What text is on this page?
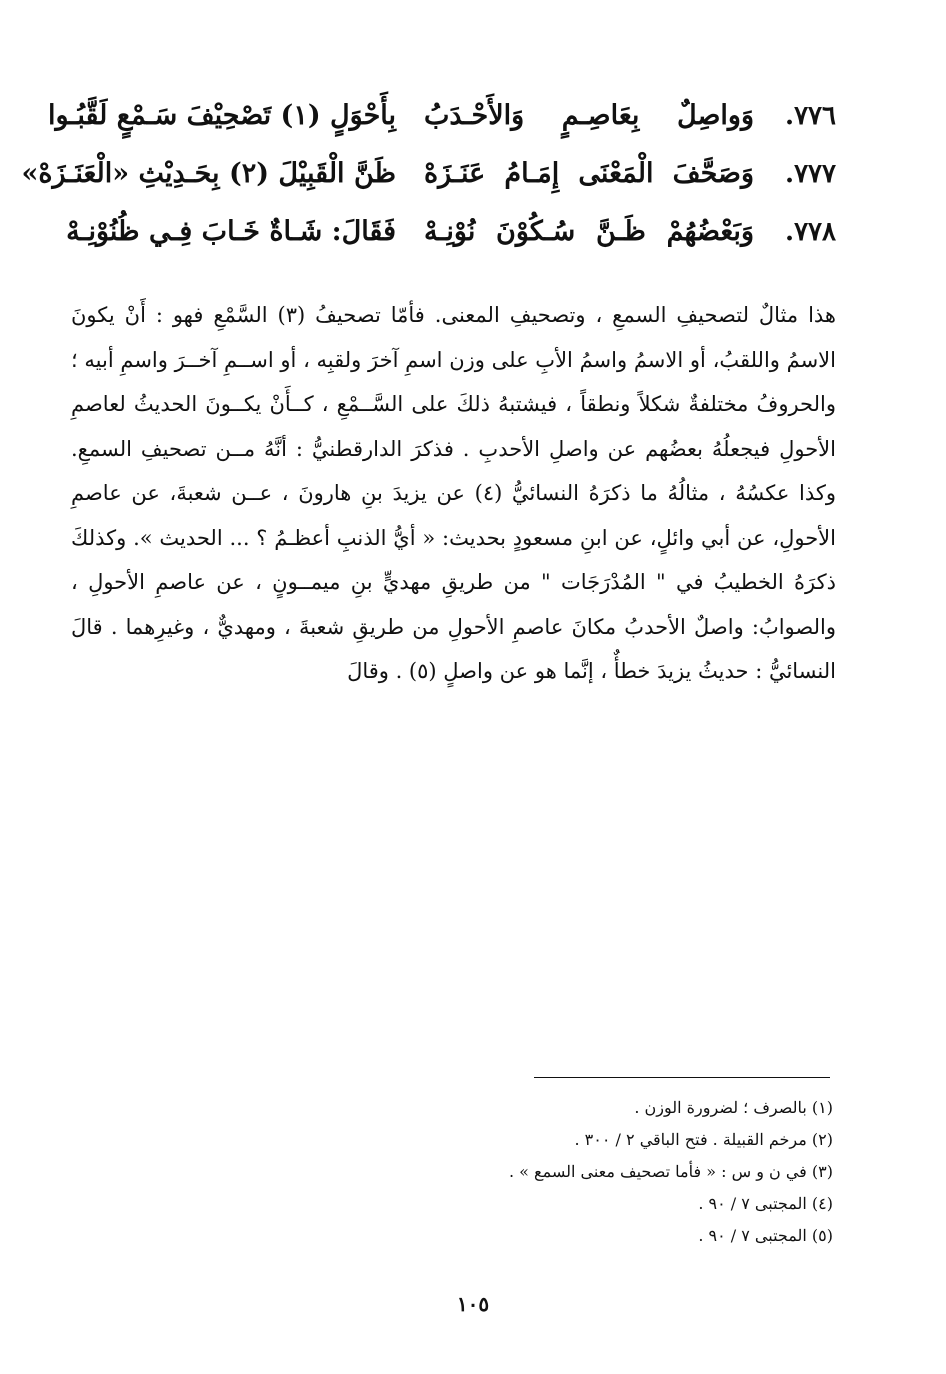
٧٧٦.
وَواصِلٌ بِعَاصِـمٍ وَالأَحْـدَبُ
بِأَحْوَلٍ (١) تَصْحِيْفَ سَـمْعٍ لَقَّبُـوا
٧٧٧.
وَصَحَّفَ الْمَعْنَى إِمَـامُ عَنَـزَهْ
ظَنَّ الْقَبِيْلَ (٢) بِحَـدِيْثِ «الْعَنَـزَهْ»
٧٧٨.
وَبَعْضُهُمْ ظَـنَّ سُـكُوْنَ نُوْنِـهْ
فَقَالَ: شَـاةٌ خَـابَ فِـي ظُنُوْنِـهْ

هذا مثالٌ لتصحيفِ السمعِ ، وتصحيفِ المعنى. فأمّا تصحيفُ (٣) السَّمْعِ فهو : أَنْ يكونَ الاسمُ واللقبُ، أو الاسمُ واسمُ الأبِ على وزن اسمِ آخرَ ولقبِه ، أو اســمِ آخــرَ واسمِ أبيه ؛ والحروفُ مختلفةٌ شكلاً ونطقاً ، فيشتبهُ ذلكَ على السَّــمْعِ ، كــأَنْ يكــونَ الحديثُ لعاصمِ الأحولِ فيجعلُهُ بعضُهم عن واصلِ الأحدبِ . فذكرَ الدارقطنيُّ : أنَّهُ مــن تصحيفِ السمعِ. وكذا عكسُهُ ، مثالُهُ ما ذكرَهُ النسائيُّ (٤) عن يزيدَ بنِ هارونَ ، عــن شعبةَ، عن عاصمِ الأحولِ، عن أبي وائلٍ، عن ابنِ مسعودٍ بحديث: « أيُّ الذنبِ أعظـمُ ؟ ... الحديث ». وكذلكَ ذكرَهُ الخطيبُ في " المُدْرَجَات " من طريقِ مهديٍّ بنِ ميمــونٍ ، عن عاصمِ الأحولِ ، والصوابُ: واصلٌ الأحدبُ مكانَ عاصمِ الأحولِ من طريقِ شعبةَ ، ومهديٌّ ، وغيرِهما . قالَ النسائيُّ : حديثُ يزيدَ خطأٌ ، إنَّما هو عن واصلٍ (٥) . وقالَ

(١) بالصرف ؛ لضرورة الوزن .
(٢) مرخم القبيلة . فتح الباقي ٢ / ٣٠٠ .
(٣) في ن و س : « فأما تصحيف معنى السمع » .
(٤) المجتبى ٧ / ٩٠ .
(٥) المجتبى ٧ / ٩٠ .
١٠٥
